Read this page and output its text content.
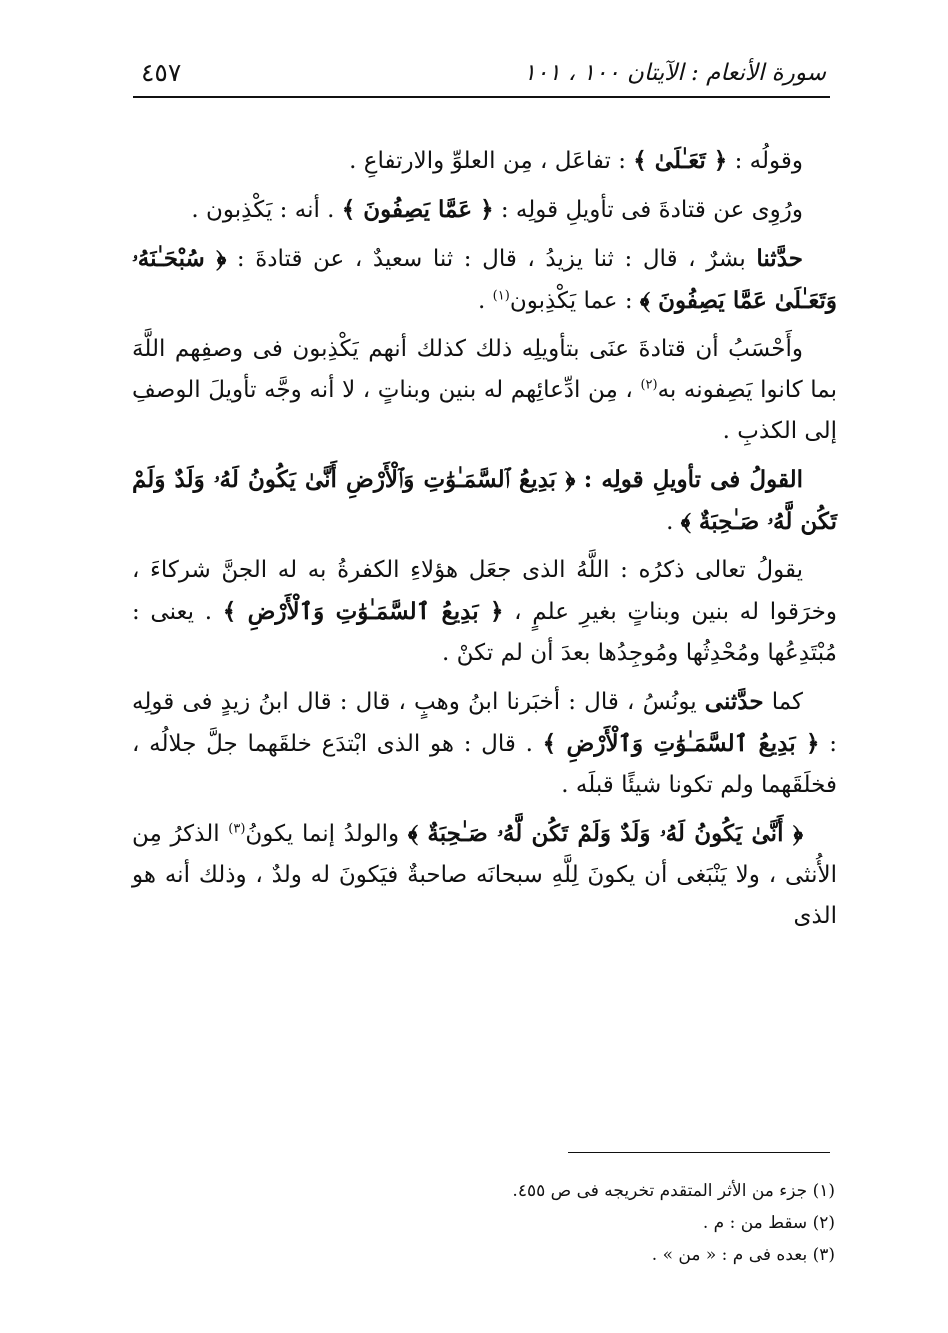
٤٥٧	سورة الأنعام : الآيتان ١٠٠ ، ١٠١

وقولُه : ﴿ تَعَـٰلَىٰ ﴾ : تفاعَل ، مِن العلوِّ والارتفاعِ .

ورُوِى عن قتادةَ فى تأويلِ قولِه : ﴿ عَمَّا يَصِفُونَ ﴾ . أنه : يَكْذِبون .

حدَّثنا بشرٌ ، قال : ثنا يزيدُ ، قال : ثنا سعيدٌ ، عن قتادةَ : ﴿ سُبْحَـٰنَهُۥ وَتَعَـٰلَىٰ عَمَّا يَصِفُونَ ﴾ : عما يَكْذِبون$^{(١)}$ .

وأَحْسَبُ أن قتادةَ عنَى بتأويلِه ذلك كذلك أنهم يَكْذِبون فى وصفِهم اللَّهَ بما كانوا يَصِفونه به$^{(٢)}$ ، مِن ادِّعائِهم له بنين وبناتٍ ، لا أنه وجَّه تأويلَ الوصفِ إلى الكذبِ .

القولُ فى تأويلِ قولِه : ﴿ بَدِيعُ ٱلسَّمَـٰوَٰتِ وَٱلْأَرْضِ أَنَّىٰ يَكُونُ لَهُۥ وَلَدٌ وَلَمْ تَكُن لَّهُۥ صَـٰحِبَةٌ ﴾ .

يقولُ تعالى ذكرُه : اللَّهُ الذى جعَل هؤلاءِ الكفرةُ به له الجنَّ شركاءَ ، وخرَقوا له بنين وبناتٍ بغيرِ علمٍ ، ﴿ بَدِيعُ ٱلسَّمَـٰوَٰتِ وَٱلْأَرْضِ ﴾ . يعنى : مُبْتَدِعُها ومُحْدِثُها ومُوجِدُها بعدَ أن لم تكنْ .

كما حدَّثنى يونُسُ ، قال : أخبَرنا ابنُ وهبٍ ، قال : قال ابنُ زيدٍ فى قولِه : ﴿ بَدِيعُ ٱلسَّمَـٰوَٰتِ وَٱلْأَرْضِ ﴾ . قال : هو الذى ابْتدَع خلقَهما جلَّ جلالُه ، فخلَقَهما ولم تكونا شيئًا قبلَه .

﴿ أَنَّىٰ يَكُونُ لَهُۥ وَلَدٌ وَلَمْ تَكُن لَّهُۥ صَـٰحِبَةٌ ﴾ والولدُ إنما يكونُ$^{(٣)}$ الذكرُ مِن الأُنثى ، ولا يَنْبَغى أن يكونَ لِلَّهِ سبحانَه صاحبةٌ فيَكونَ له ولدٌ ، وذلك أنه هو الذى

(١) جزء من الأثر المتقدم تخريجه فى ص ٤٥٥.
(٢) سقط من : م .
(٣) بعده فى م : « من » .
